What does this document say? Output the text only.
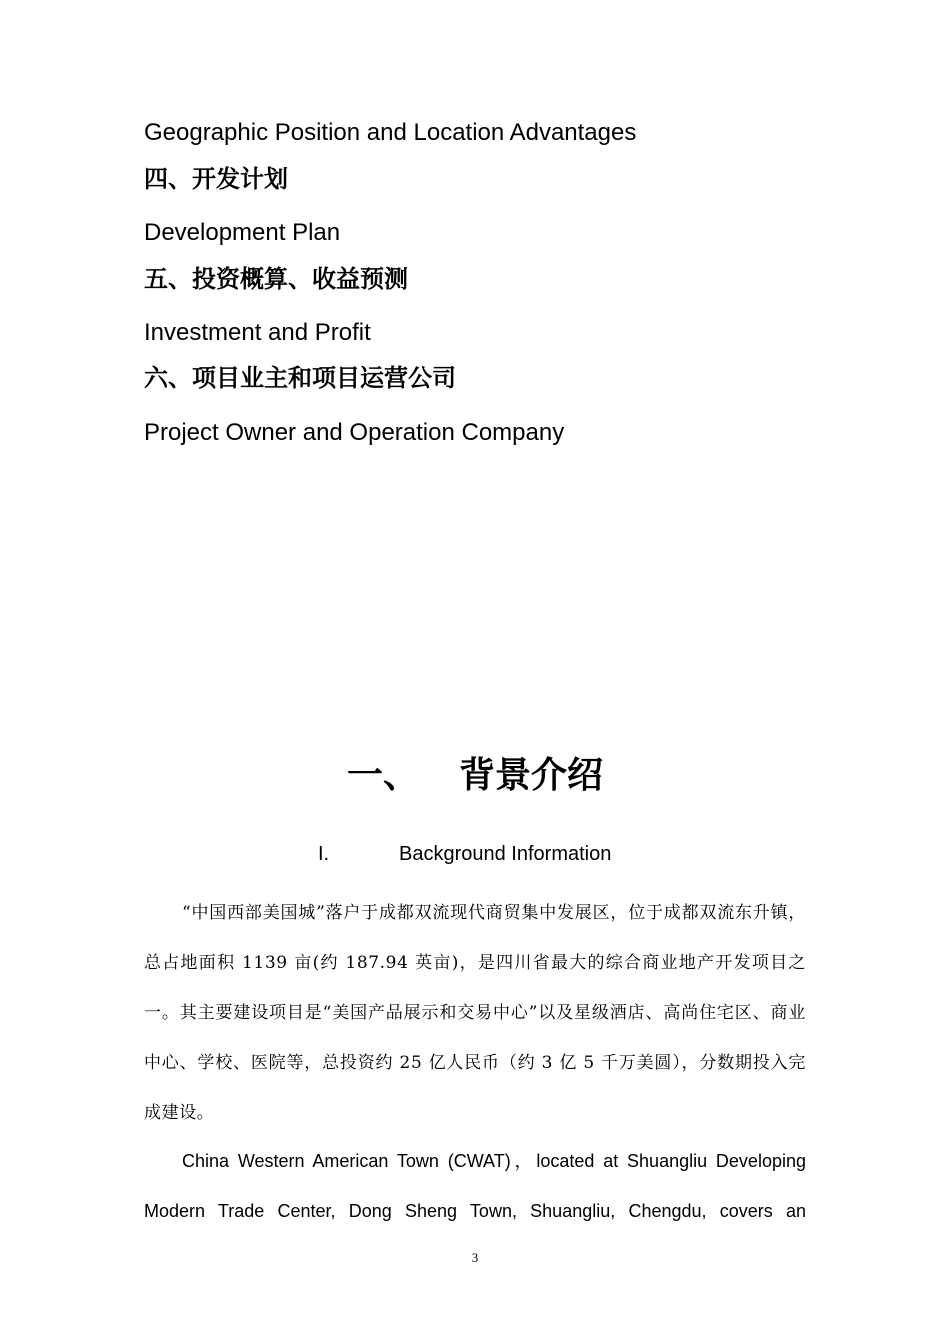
Geographic Position and Location Advantages
四、开发计划
Development Plan
五、投资概算、收益预测
Investment and Profit
六、项目业主和项目运营公司
Project Owner and Operation Company
一、 背景介绍
I.	Background Information

“中国西部美国城”落户于成都双流现代商贸集中发展区，位于成都双流东升镇，总占地面积 1139 亩(约 187.94 英亩)，是四川省最大的综合商业地产开发项目之一。其主要建设项目是“美国产品展示和交易中心”以及星级酒店、高尚住宅区、商业中心、学校、医院等，总投资约 25 亿人民币（约 3 亿 5 千万美圆），分数期投入完成建设。

China Western American Town (CWAT)，located at Shuangliu Developing Modern Trade Center, Dong Sheng Town, Shuangliu, Chengdu, covers an

3
